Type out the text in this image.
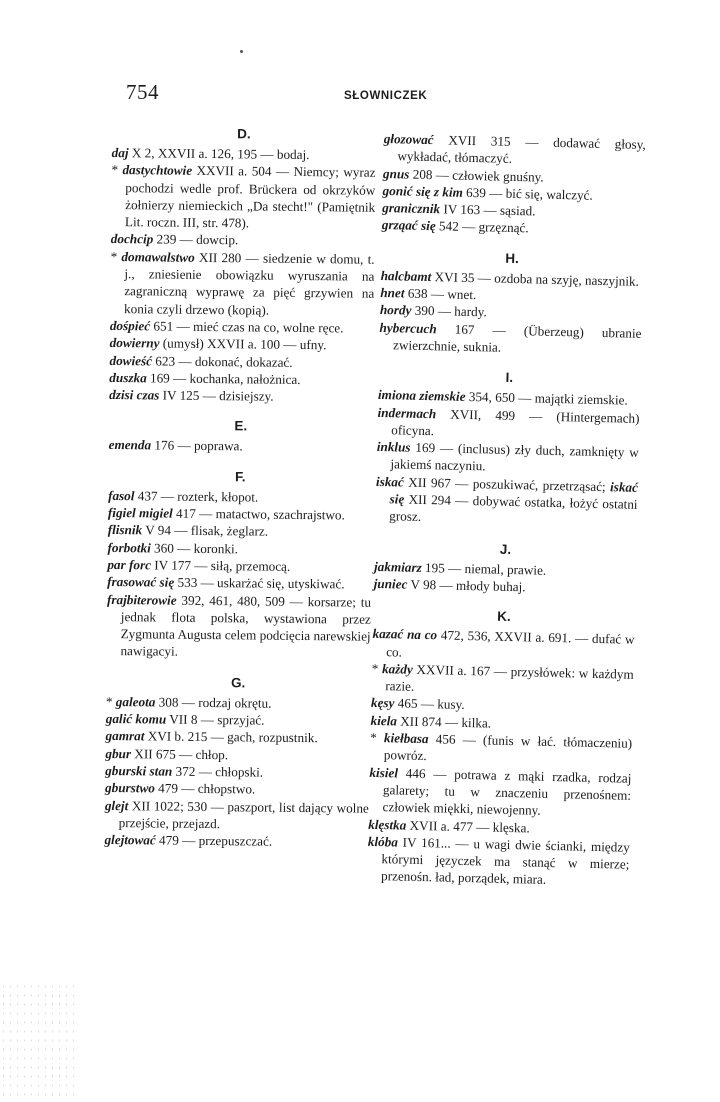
754	SŁOWNICZEK
D.

daj X 2, XXVII a. 126, 195 — bodaj.

* dastychtowie XXVII a. 504 — Niemcy; wyraz pochodzi wedle prof. Brückera od okrzyków żołnierzy niemieckich „Da stecht!" (Pamiętnik Lit. roczn. III, str. 478).

dochcip 239 — dowcip.

* domawalstwo XII 280 — siedzenie w domu, t. j., zniesienie obowiązku wyruszania na zagraniczną wyprawę za pięć grzywien na konia czyli drzewo (kopią).

dośpieć 651 — mieć czas na co, wolne ręce.

dowierny (umysł) XXVII a. 100 — ufny.

dowieść 623 — dokonać, dokazać.

duszka 169 — kochanka, nałożnica.

dzisi czas IV 125 — dzisiejszy.

E.

emenda 176 — poprawa.

F.

fasol 437 — rozterk, kłopot.

figiel migiel 417 — matactwo, szachrajstwo.

flisnik V 94 — flisak, żeglarz.

forbotki 360 — koronki.

par forc IV 177 — siłą, przemocą.

frasować się 533 — uskarżać się, utyskiwać.

frajbiterowie 392, 461, 480, 509 — korsarze; tu jednak flota polska, wystawiona przez Zygmunta Augusta celem podcięcia narewskiej nawigacyi.

G.

* galeota 308 — rodzaj okrętu.

galić komu VII 8 — sprzyjać.

gamrat XVI b. 215 — gach, rozpustnik.

gbur XII 675 — chłop.

gburski stan 372 — chłopski.

gburstwo 479 — chłopstwo.

glejt XII 1022; 530 — paszport, list dający wolne przejście, przejazd.

glejtować 479 — przepuszczać.

głozować XVII 315 — dodawać głosy, wykładać, tłómaczyć.

gnus 208 — człowiek gnuśny.

gonić się z kim 639 — bić się, walczyć.

granicznik IV 163 — sąsiad.

grząać się 542 — grzęznąć.

H.

halcbamt XVI 35 — ozdoba na szyję, naszyjnik.

hnet 638 — wnet.

hordy 390 — hardy.

hybercuch 167 — (Überzeug) ubranie zwierzchnie, suknia.

I.

imiona ziemskie 354, 650 — majątki ziemskie.

indermach XVII, 499 — (Hintergemach) oficyna.

inklus 169 — (inclusus) zły duch, zamknięty w jakiemś naczyniu.

iskać XII 967 — poszukiwać, przetrząsać; iskać się XII 294 — dobywać ostatka, łożyć ostatni grosz.

J.

jakmiarz 195 — niemal, prawie.

juniec V 98 — młody buhaj.

K.

kazać na co 472, 536, XXVII a. 691. — dufać w co.

* każdy XXVII a. 167 — przysłówek: w każdym razie.

kęsy 465 — kusy.

kiela XII 874 — kilka.

* kiełbasa 456 — (funis w łać. tłómaczeniu) powróz.

kisiel 446 — potrawa z mąki rzadka, rodzaj galarety; tu w znaczeniu przenośnem: człowiek miękki, niewojenny.

klęstka XVII a. 477 — klęska.

klóba IV 161... — u wagi dwie ścianki, między którymi języczek ma stanąć w mierze; przenośn. ład, porządek, miara.
